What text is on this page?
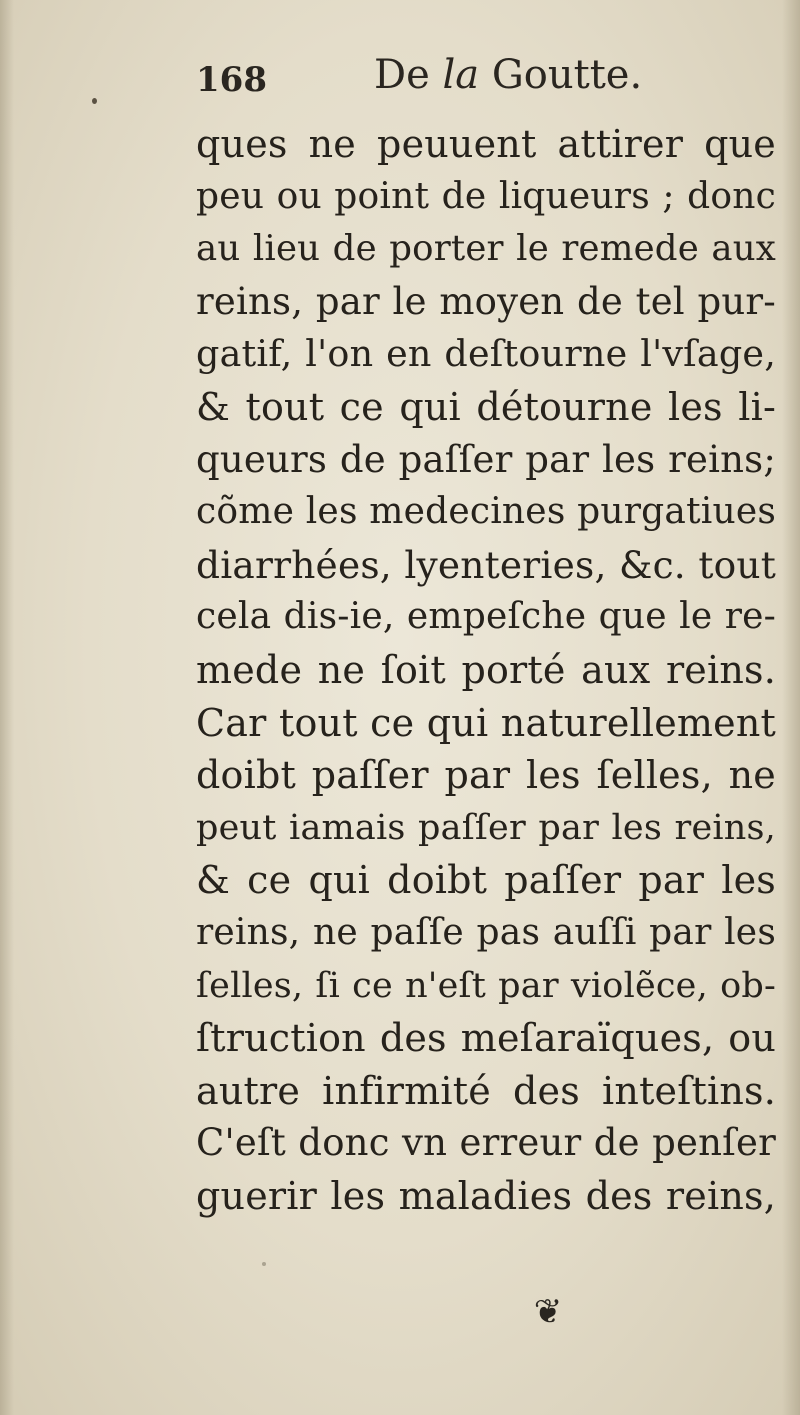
168	De la Goutte.
ques ne peuuent attirer que
peu ou point de liqueurs ; donc
au lieu de porter le remede aux
reins, par le moyen de tel pur-
gatif, l'on en deſtourne l'vſage,
& tout ce qui détourne les li-
queurs de paſſer par les reins;
cõme les medecines purgatiues
diarrhées, lyenteries, &c. tout
cela dis-ie, empeſche que le re-
mede ne ſoit porté aux reins.
Car tout ce qui naturellement
doibt paſſer par les ſelles, ne
peut iamais paſſer par les reins,
& ce qui doibt paſſer par les
reins, ne paſſe pas auſſi par les
ſelles, ſi ce n'eſt par violẽce, ob-
ſtruction des meſaraïques, ou
autre infirmité des inteſtins.
C'eſt donc vn erreur de penſer
guerir les maladies des reins,
❦
